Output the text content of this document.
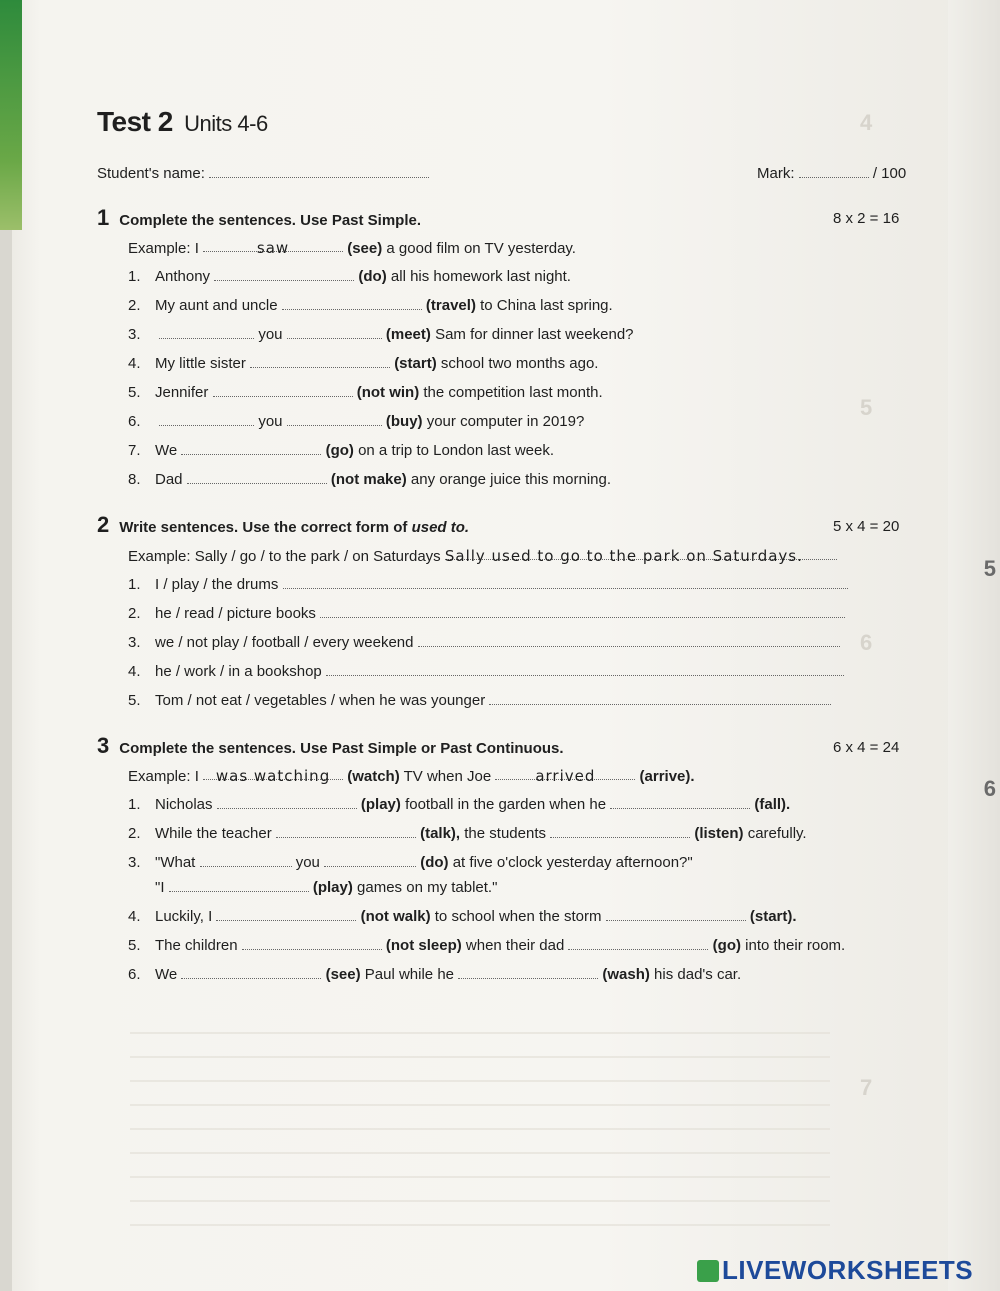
5
6
4
5
6
7
Test 2 Units 4-6
Student's name:	Mark:	/ 100
1 Complete the sentences. Use Past Simple.	8 x 2 = 16
Example: I	saw	(see) a good film on TV yesterday.
1. Anthony	(do) all his homework last night.
2. My aunt and uncle	(travel) to China last spring.
3.	you	(meet) Sam for dinner last weekend?
4. My little sister	(start) school two months ago.
5. Jennifer	(not win) the competition last month.
6.	you	(buy) your computer in 2019?
7. We	(go) on a trip to London last week.
8. Dad	(not make) any orange juice this morning.
2 Write sentences. Use the correct form of used to.	5 x 4 = 20
Example: Sally / go / to the park / on Saturdays Sally used to go to the park on Saturdays.
1. I / play / the drums
2. he / read / picture books
3. we / not play / football / every weekend
4. he / work / in a bookshop
5. Tom / not eat / vegetables / when he was younger
3 Complete the sentences. Use Past Simple or Past Continuous.	6 x 4 = 24
Example: I was watching (watch) TV when Joe	arrived	(arrive).
1. Nicholas	(play) football in the garden when he	(fall).
2. While the teacher	(talk), the students	(listen) carefully.
3. "What	you	(do) at five o'clock yesterday afternoon?"
"I	(play) games on my tablet."
4. Luckily, I	(not walk) to school when the storm	(start).
5. The children	(not sleep) when their dad	(go) into their room.
6. We	(see) Paul while he	(wash) his dad's car.
LIVEWORKSHEETS
